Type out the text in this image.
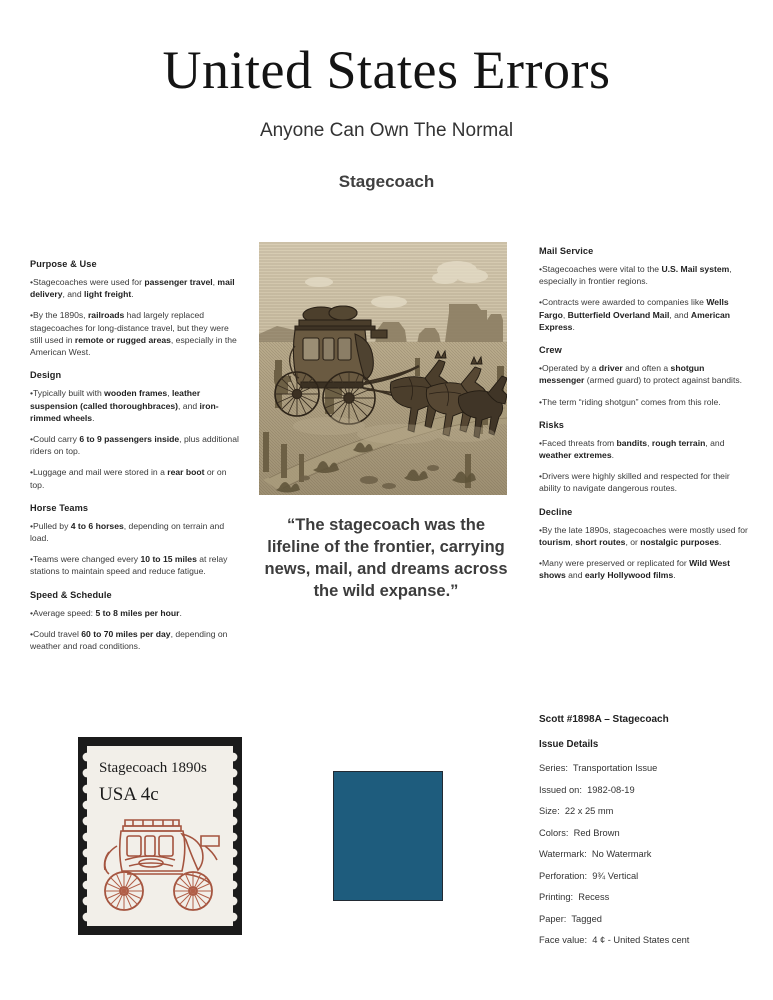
United States Errors
Anyone Can Own The Normal
Stagecoach
Purpose & Use

•Stagecoaches were used for passenger travel, mail delivery, and light freight.

•By the 1890s, railroads had largely replaced stagecoaches for long-distance travel, but they were still used in remote or rugged areas, especially in the American West.

Design

•Typically built with wooden frames, leather suspension (called thoroughbraces), and iron-rimmed wheels.

•Could carry 6 to 9 passengers inside, plus additional riders on top.

•Luggage and mail were stored in a rear boot or on top.

Horse Teams

•Pulled by 4 to 6 horses, depending on terrain and load.

•Teams were changed every 10 to 15 miles at relay stations to maintain speed and reduce fatigue.

Speed & Schedule

•Average speed: 5 to 8 miles per hour.

•Could travel 60 to 70 miles per day, depending on weather and road conditions.

“The stagecoach was the lifeline of the frontier, carrying news, mail, and dreams across the wild expanse.”
Mail Service

•Stagecoaches were vital to the U.S. Mail system, especially in frontier regions.

•Contracts were awarded to companies like Wells Fargo, Butterfield Overland Mail, and American Express.

Crew

•Operated by a driver and often a shotgun messenger (armed guard) to protect against bandits.

•The term “riding shotgun” comes from this role.

Risks

•Faced threats from bandits, rough terrain, and weather extremes.

•Drivers were highly skilled and respected for their ability to navigate dangerous routes.

Decline

•By the late 1890s, stagecoaches were mostly used for tourism, short routes, or nostalgic purposes.

•Many were preserved or replicated for Wild West shows and early Hollywood films.

Stagecoach 1890s
USA 4c
Scott #1898A – Stagecoach
Issue Details
Series:  Transportation Issue
Issued on:  1982-08-19
Size:  22 x 25 mm
Colors:  Red Brown
Watermark:  No Watermark
Perforation:  9¾ Vertical
Printing:  Recess
Paper:  Tagged
Face value:  4 ¢ - United States cent
